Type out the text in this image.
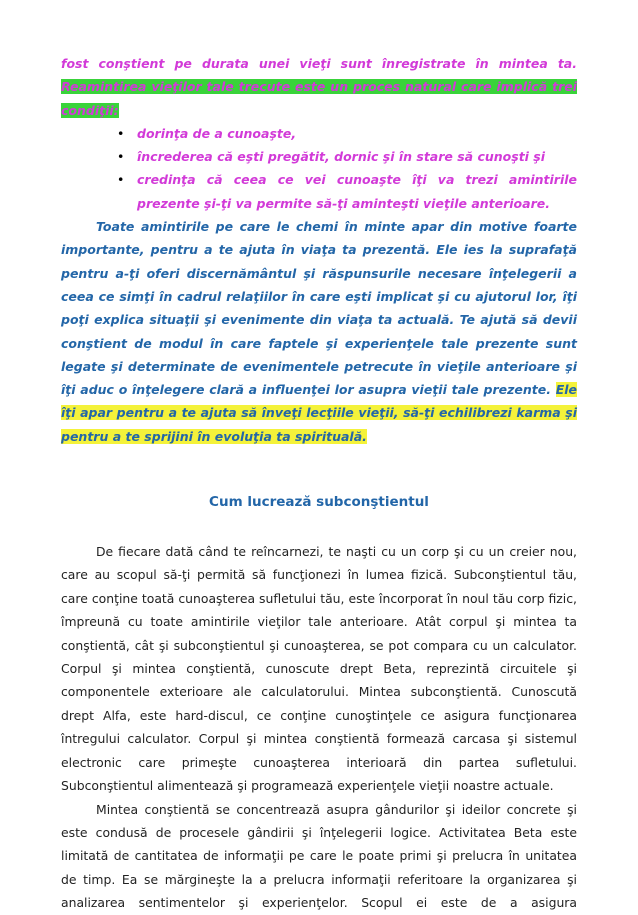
fost conştient pe durata unei vieţi sunt înregistrate în mintea ta. Reamintirea vieţilor tale trecute este un proces natural care implică trei condiţii:

• dorinţa de a cunoaşte,
• încrederea că eşti pregătit, dornic şi în stare să cunoşti şi
• credinţa că ceea ce vei cunoaşte îţi va trezi amintirile prezente şi-ţi va permite să-ţi aminteşti vieţile anterioare.

Toate amintirile pe care le chemi în minte apar din motive foarte importante, pentru a te ajuta în viaţa ta prezentă. Ele ies la suprafaţă pentru a-ţi oferi discernământul şi răspunsurile necesare înţelegerii a ceea ce simţi în cadrul relaţiilor în care eşti implicat şi cu ajutorul lor, îţi poţi explica situaţii şi evenimente din viaţa ta actuală. Te ajută să devii conştient de modul în care faptele şi experienţele tale prezente sunt legate şi determinate de evenimentele petrecute în vieţile anterioare şi îţi aduc o înţelegere clară a influenţei lor asupra vieţii tale prezente. Ele îţi apar pentru a te ajuta să înveţi lecţiile vieţii, să-ţi echilibrezi karma şi pentru a te sprijini în evoluţia ta spirituală.

Cum lucrează subconştientul

De fiecare dată când te reîncarnezi, te naşti cu un corp şi cu un creier nou, care au scopul să-ţi permită să funcţionezi în lumea fizică. Subconştientul tău, care conţine toată cunoaşterea sufletului tău, este încorporat în noul tău corp fizic, împreună cu toate amintirile vieţilor tale anterioare. Atât corpul şi mintea ta conştientă, cât şi subconştientul şi cunoaşterea, se pot compara cu un calculator. Corpul şi mintea conştientă, cunoscute drept Beta, reprezintă circuitele şi componentele exterioare ale calculatorului. Mintea subconştientă. Cunoscută drept Alfa, este hard-discul, ce conţine cunoştinţele ce asigura funcţionarea întregului calculator. Corpul şi mintea conştientă formează carcasa şi sistemul electronic care primeşte cunoaşterea interioară din partea sufletului. Subconştientul alimentează şi programează experienţele vieţii noastre actuale.

Mintea conştientă se concentrează asupra gândurilor şi ideilor concrete şi este condusă de procesele gândirii şi înţelegerii logice. Activitatea Beta este limitată de cantitatea de informaţii pe care le poate primi şi prelucra în unitatea de timp. Ea se mărgineşte la a prelucra informaţii referitoare la organizarea şi analizarea sentimentelor şi experienţelor. Scopul ei este de a asigura
